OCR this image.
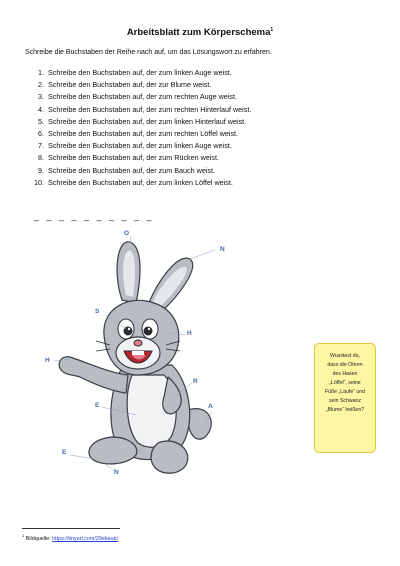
Arbeitsblatt zum Körperschema$^1$
Schreibe die Buchstaben der Reihe nach auf, um das Lösungswort zu erfahren.
1. Schreibe den Buchstaben auf, der zum linken Auge weist.
2. Schreibe den Buchstaben auf, der zur Blume weist.
3. Schreibe den Buchstaben auf, der zum rechten Auge weist.
4. Schreibe den Buchstaben auf, der zum rechten Hinterlauf weist.
5. Schreibe den Buchstaben auf, der zum linken Hinterlauf weist.
6. Schreibe den Buchstaben auf, der zum rechten Löffel weist.
7. Schreibe den Buchstaben auf, der zum linken Auge weist.
8. Schreibe den Buchstaben auf, der zum Rücken weist.
9. Schreibe den Buchstaben auf, der zum Bauch weist.
10. Schreibe den Buchstaben auf, der zum linken Löffel weist.
_ _ _ _ _ _ _ _ _ _
O
N
S
H
H
R
A
E
E
N
Wusstest du,
dass die Ohren
des Hasen
„Löffel“, seine
Füße „Läufe“ und
sein Schwanz
„Blume“ heißen?
$^1$ Bildquelle: https://tinyurl.com/29ekautr/
